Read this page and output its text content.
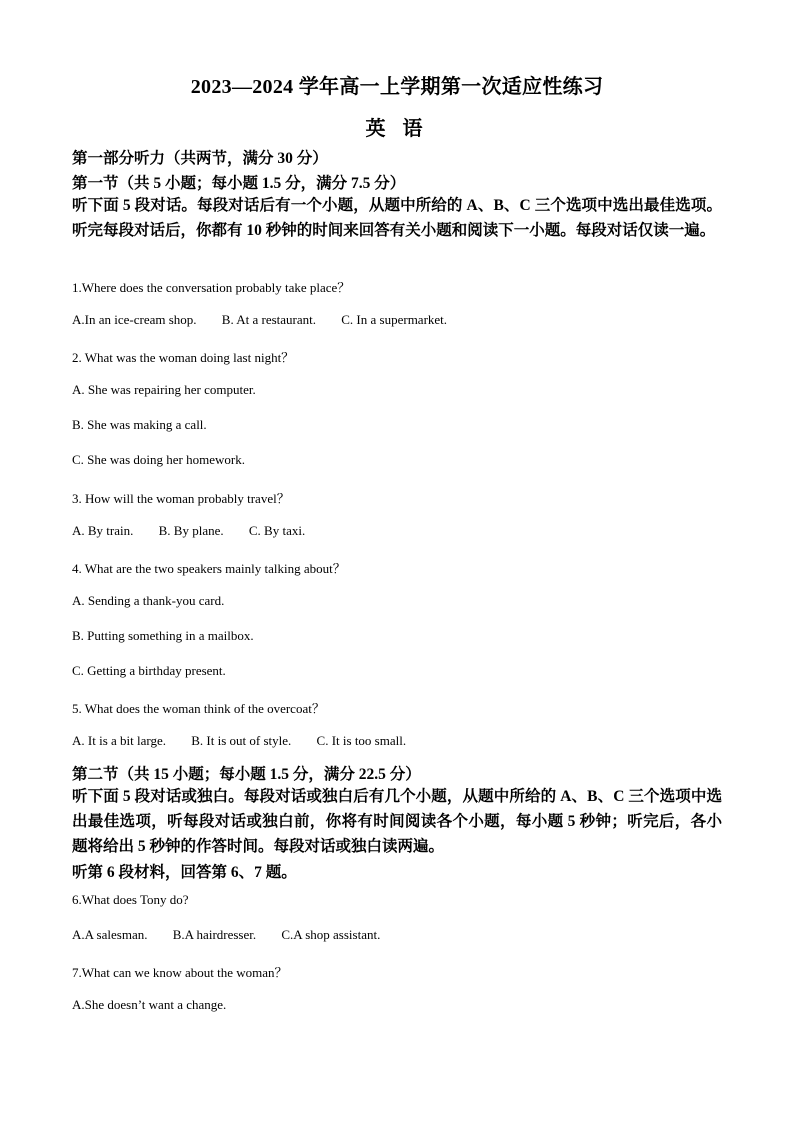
2023—2024 学年高一上学期第一次适应性练习
英 语
第一部分听力（共两节，满分 30 分）
第一节（共 5 小题；每小题 1.5 分，满分 7.5 分）
听下面 5 段对话。每段对话后有一个小题，从题中所给的 A、B、C 三个选项中选出最佳选项。听完每段对话后，你都有 10 秒钟的时间来回答有关小题和阅读下一小题。每段对话仅读一遍。
1.Where does the conversation probably take place？
A.In an ice-cream shop. B. At a restaurant. C. In a supermarket.
2. What was the woman doing last night？
A. She was repairing her computer.
B. She was making a call.
C. She was doing her homework.
3. How will the woman probably travel？
A. By train. B. By plane. C. By taxi.
4. What are the two speakers mainly talking about？
A. Sending a thank-you card.
B. Putting something in a mailbox.
C. Getting a birthday present.
5. What does the woman think of the overcoat？
A. It is a bit large. B. It is out of style. C. It is too small.
第二节（共 15 小题；每小题 1.5 分，满分 22.5 分）
听下面 5 段对话或独白。每段对话或独白后有几个小题，从题中所给的 A、B、C 三个选项中选出最佳选项，听每段对话或独白前，你将有时间阅读各个小题，每小题 5 秒钟；听完后，各小题将给出 5 秒钟的作答时间。每段对话或独白读两遍。
听第 6 段材料，回答第 6、7 题。
6.What does Tony do?
A.A salesman. B.A hairdresser. C.A shop assistant.
7.What can we know about the woman？
A.She doesn’t want a change.
